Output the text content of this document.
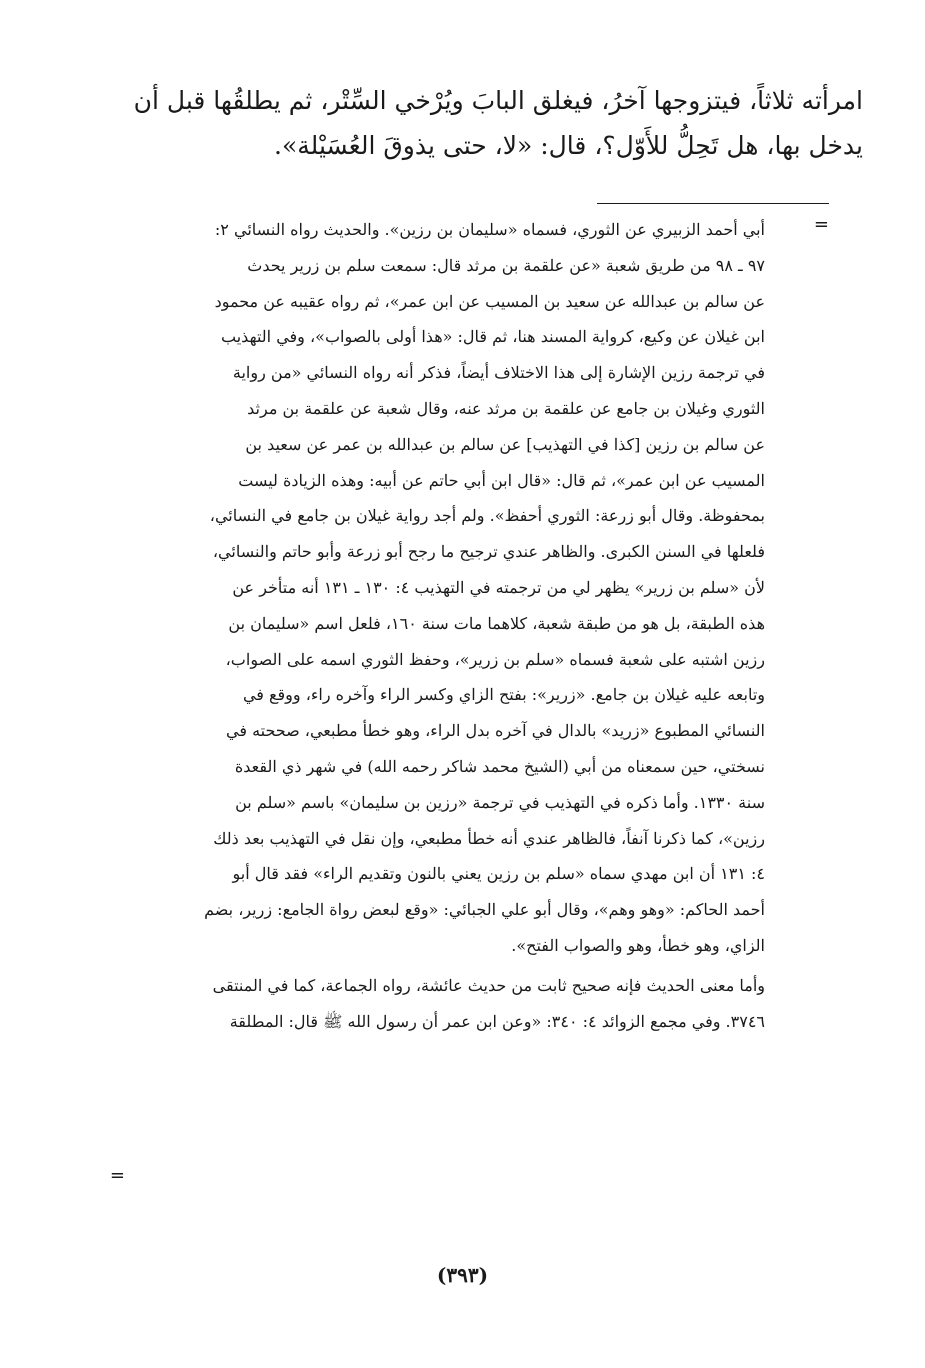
امرأته ثلاثاً، فيتزوجها آخرُ، فيغلق البابَ ويُرْخي السِّتْر، ثم يطلقُها قبل أن
يدخل بها، هل تَحِلُّ للأَوّل؟، قال: «لا، حتى يذوقَ العُسَيْلة».
=
أبي أحمد الزبيري عن الثوري، فسماه «سليمان بن رزين». والحديث رواه النسائي ٢:
٩٧ ـ ٩٨ من طريق شعبة «عن علقمة بن مرثد قال: سمعت سلم بن زرير يحدث
عن سالم بن عبدالله عن سعيد بن المسيب عن ابن عمر»، ثم رواه عقيبه عن محمود
ابن غيلان عن وكيع، كرواية المسند هنا، ثم قال: «هذا أولى بالصواب»، وفي التهذيب
في ترجمة رزين الإشارة إلى هذا الاختلاف أيضاً، فذكر أنه رواه النسائي «من رواية
الثوري وغيلان بن جامع عن علقمة بن مرثد عنه، وقال شعبة عن علقمة بن مرثد
عن سالم بن رزين [كذا في التهذيب] عن سالم بن عبدالله بن عمر عن سعيد بن
المسيب عن ابن عمر»، ثم قال: «قال ابن أبي حاتم عن أبيه: وهذه الزيادة ليست
بمحفوظة. وقال أبو زرعة: الثوري أحفظ». ولم أجد رواية غيلان بن جامع في النسائي،
فلعلها في السنن الكبرى. والظاهر عندي ترجيح ما رجح أبو زرعة وأبو حاتم والنسائي،
لأن «سلم بن زرير» يظهر لي من ترجمته في التهذيب ٤: ١٣٠ ـ ١٣١ أنه متأخر عن
هذه الطبقة، بل هو من طبقة شعبة، كلاهما مات سنة ١٦٠، فلعل اسم «سليمان بن
رزين اشتبه على شعبة فسماه «سلم بن زرير»، وحفظ الثوري اسمه على الصواب،
وتابعه عليه غيلان بن جامع. «زرير»: بفتح الزاي وكسر الراء وآخره راء، ووقع في
النسائي المطبوع «زريد» بالدال في آخره بدل الراء، وهو خطأ مطبعي، صححته في
نسختي، حين سمعناه من أبي (الشيخ محمد شاكر رحمه الله) في شهر ذي القعدة
سنة ١٣٣٠. وأما ذكره في التهذيب في ترجمة «رزين بن سليمان» باسم «سلم بن
رزين»، كما ذكرنا آنفاً، فالظاهر عندي أنه خطأ مطبعي، وإن نقل في التهذيب بعد ذلك
٤: ١٣١ أن ابن مهدي سماه «سلم بن رزين يعني بالنون وتقديم الراء» فقد قال أبو
أحمد الحاكم: «وهو وهم»، وقال أبو علي الجبائي: «وقع لبعض رواة الجامع: زرير، بضم
الزاي، وهو خطأ، وهو والصواب الفتح».
وأما معنى الحديث فإنه صحيح ثابت من حديث عائشة، رواه الجماعة، كما في المنتقى
٣٧٤٦. وفي مجمع الزوائد ٤: ٣٤٠: «وعن ابن عمر أن رسول الله ﷺ قال: المطلقة
=
(٣٩٣)
